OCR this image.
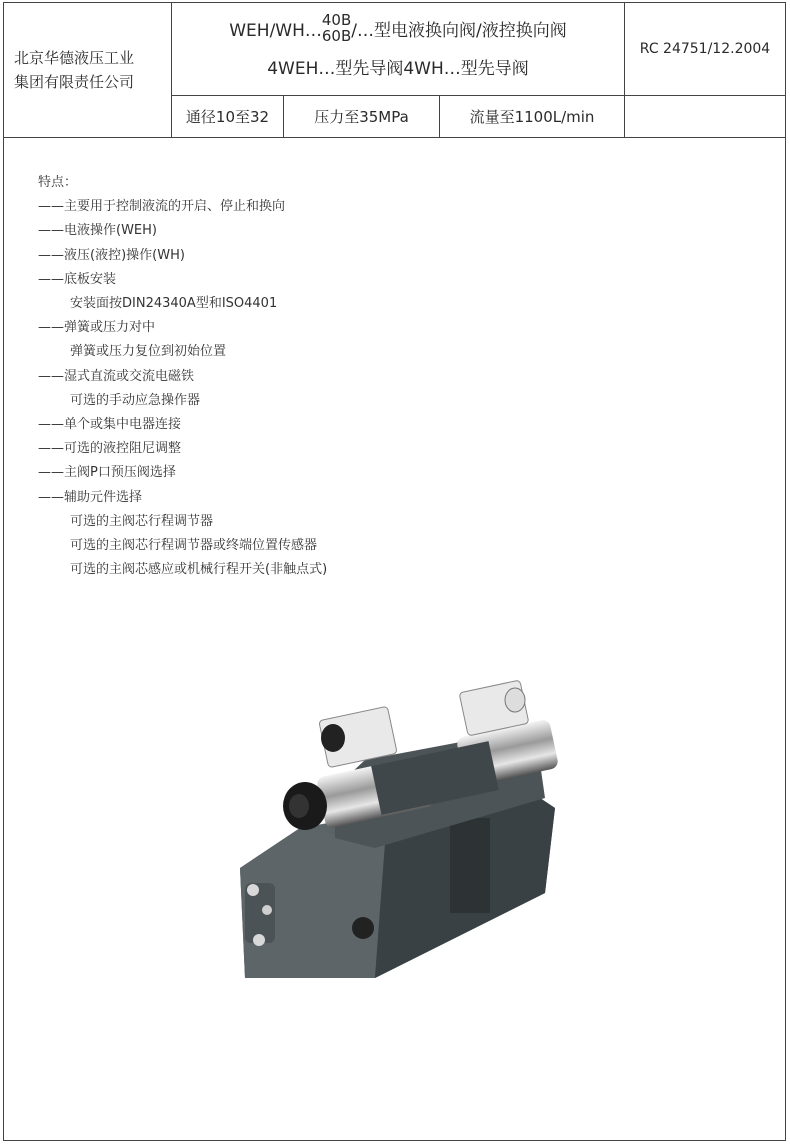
北京华德液压工业
集团有限责任公司
WEH/WH…
40B
60B /…型电液换向阀/液控换向阀
4WEH…型先导阀4WH…型先导阀
RC 24751/12.2004
通径10至32	压力至35MPa	流量至1100L/min
特点：
——主要用于控制液流的开启、停止和换向
——电液操作(WEH)
——液压(液控)操作(WH)
——底板安装
安装面按DIN24340A型和ISO4401
——弹簧或压力对中
弹簧或压力复位到初始位置
——湿式直流或交流电磁铁
可选的手动应急操作器
——单个或集中电器连接
——可选的液控阻尼调整
——主阀P口预压阀选择
——辅助元件选择
可选的主阀芯行程调节器
可选的主阀芯行程调节器或终端位置传感器
可选的主阀芯感应或机械行程开关(非触点式)
